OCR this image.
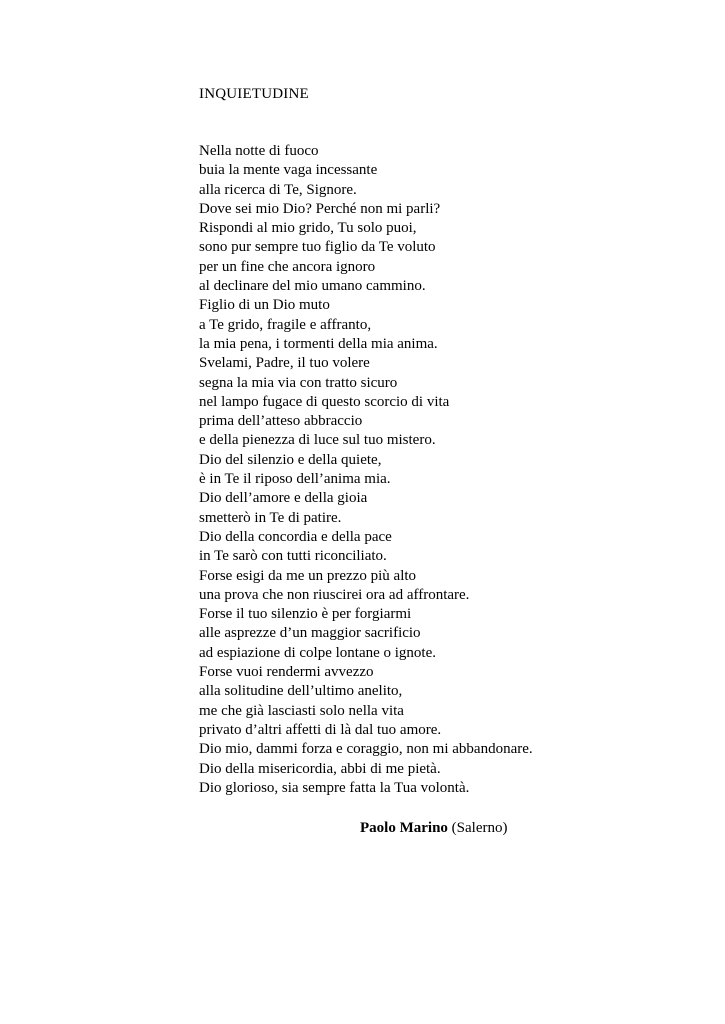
INQUIETUDINE
Nella notte di fuoco
buia la mente vaga incessante
alla ricerca di Te, Signore.
Dove sei mio Dio? Perché non mi parli?
Rispondi al mio grido, Tu solo puoi,
sono pur sempre tuo figlio da Te voluto
per un fine che ancora ignoro
al declinare del mio umano cammino.
Figlio di un Dio muto
a Te grido, fragile e affranto,
la mia pena, i tormenti della mia anima.
Svelami, Padre, il tuo volere
segna la mia via con tratto sicuro
nel lampo fugace di questo scorcio di vita
prima dell’atteso abbraccio
e della pienezza di luce sul tuo mistero.
Dio del silenzio e della quiete,
è in Te il riposo dell’anima mia.
Dio dell’amore e della gioia
smetterò in Te di patire.
Dio della concordia e della pace
in Te sarò con tutti riconciliato.
Forse esigi da me un prezzo più alto
una prova che non riuscirei ora ad affrontare.
Forse il tuo silenzio è per forgiarmi
alle asprezze d’un maggior sacrificio
ad espiazione di colpe lontane o ignote.
Forse vuoi rendermi avvezzo
alla solitudine dell’ultimo anelito,
me che già lasciasti solo nella vita
privato d’altri affetti di là dal tuo amore.
Dio mio, dammi forza e coraggio, non mi abbandonare.
Dio della misericordia, abbi di me pietà.
Dio glorioso, sia sempre fatta la Tua volontà.
Paolo Marino (Salerno)
